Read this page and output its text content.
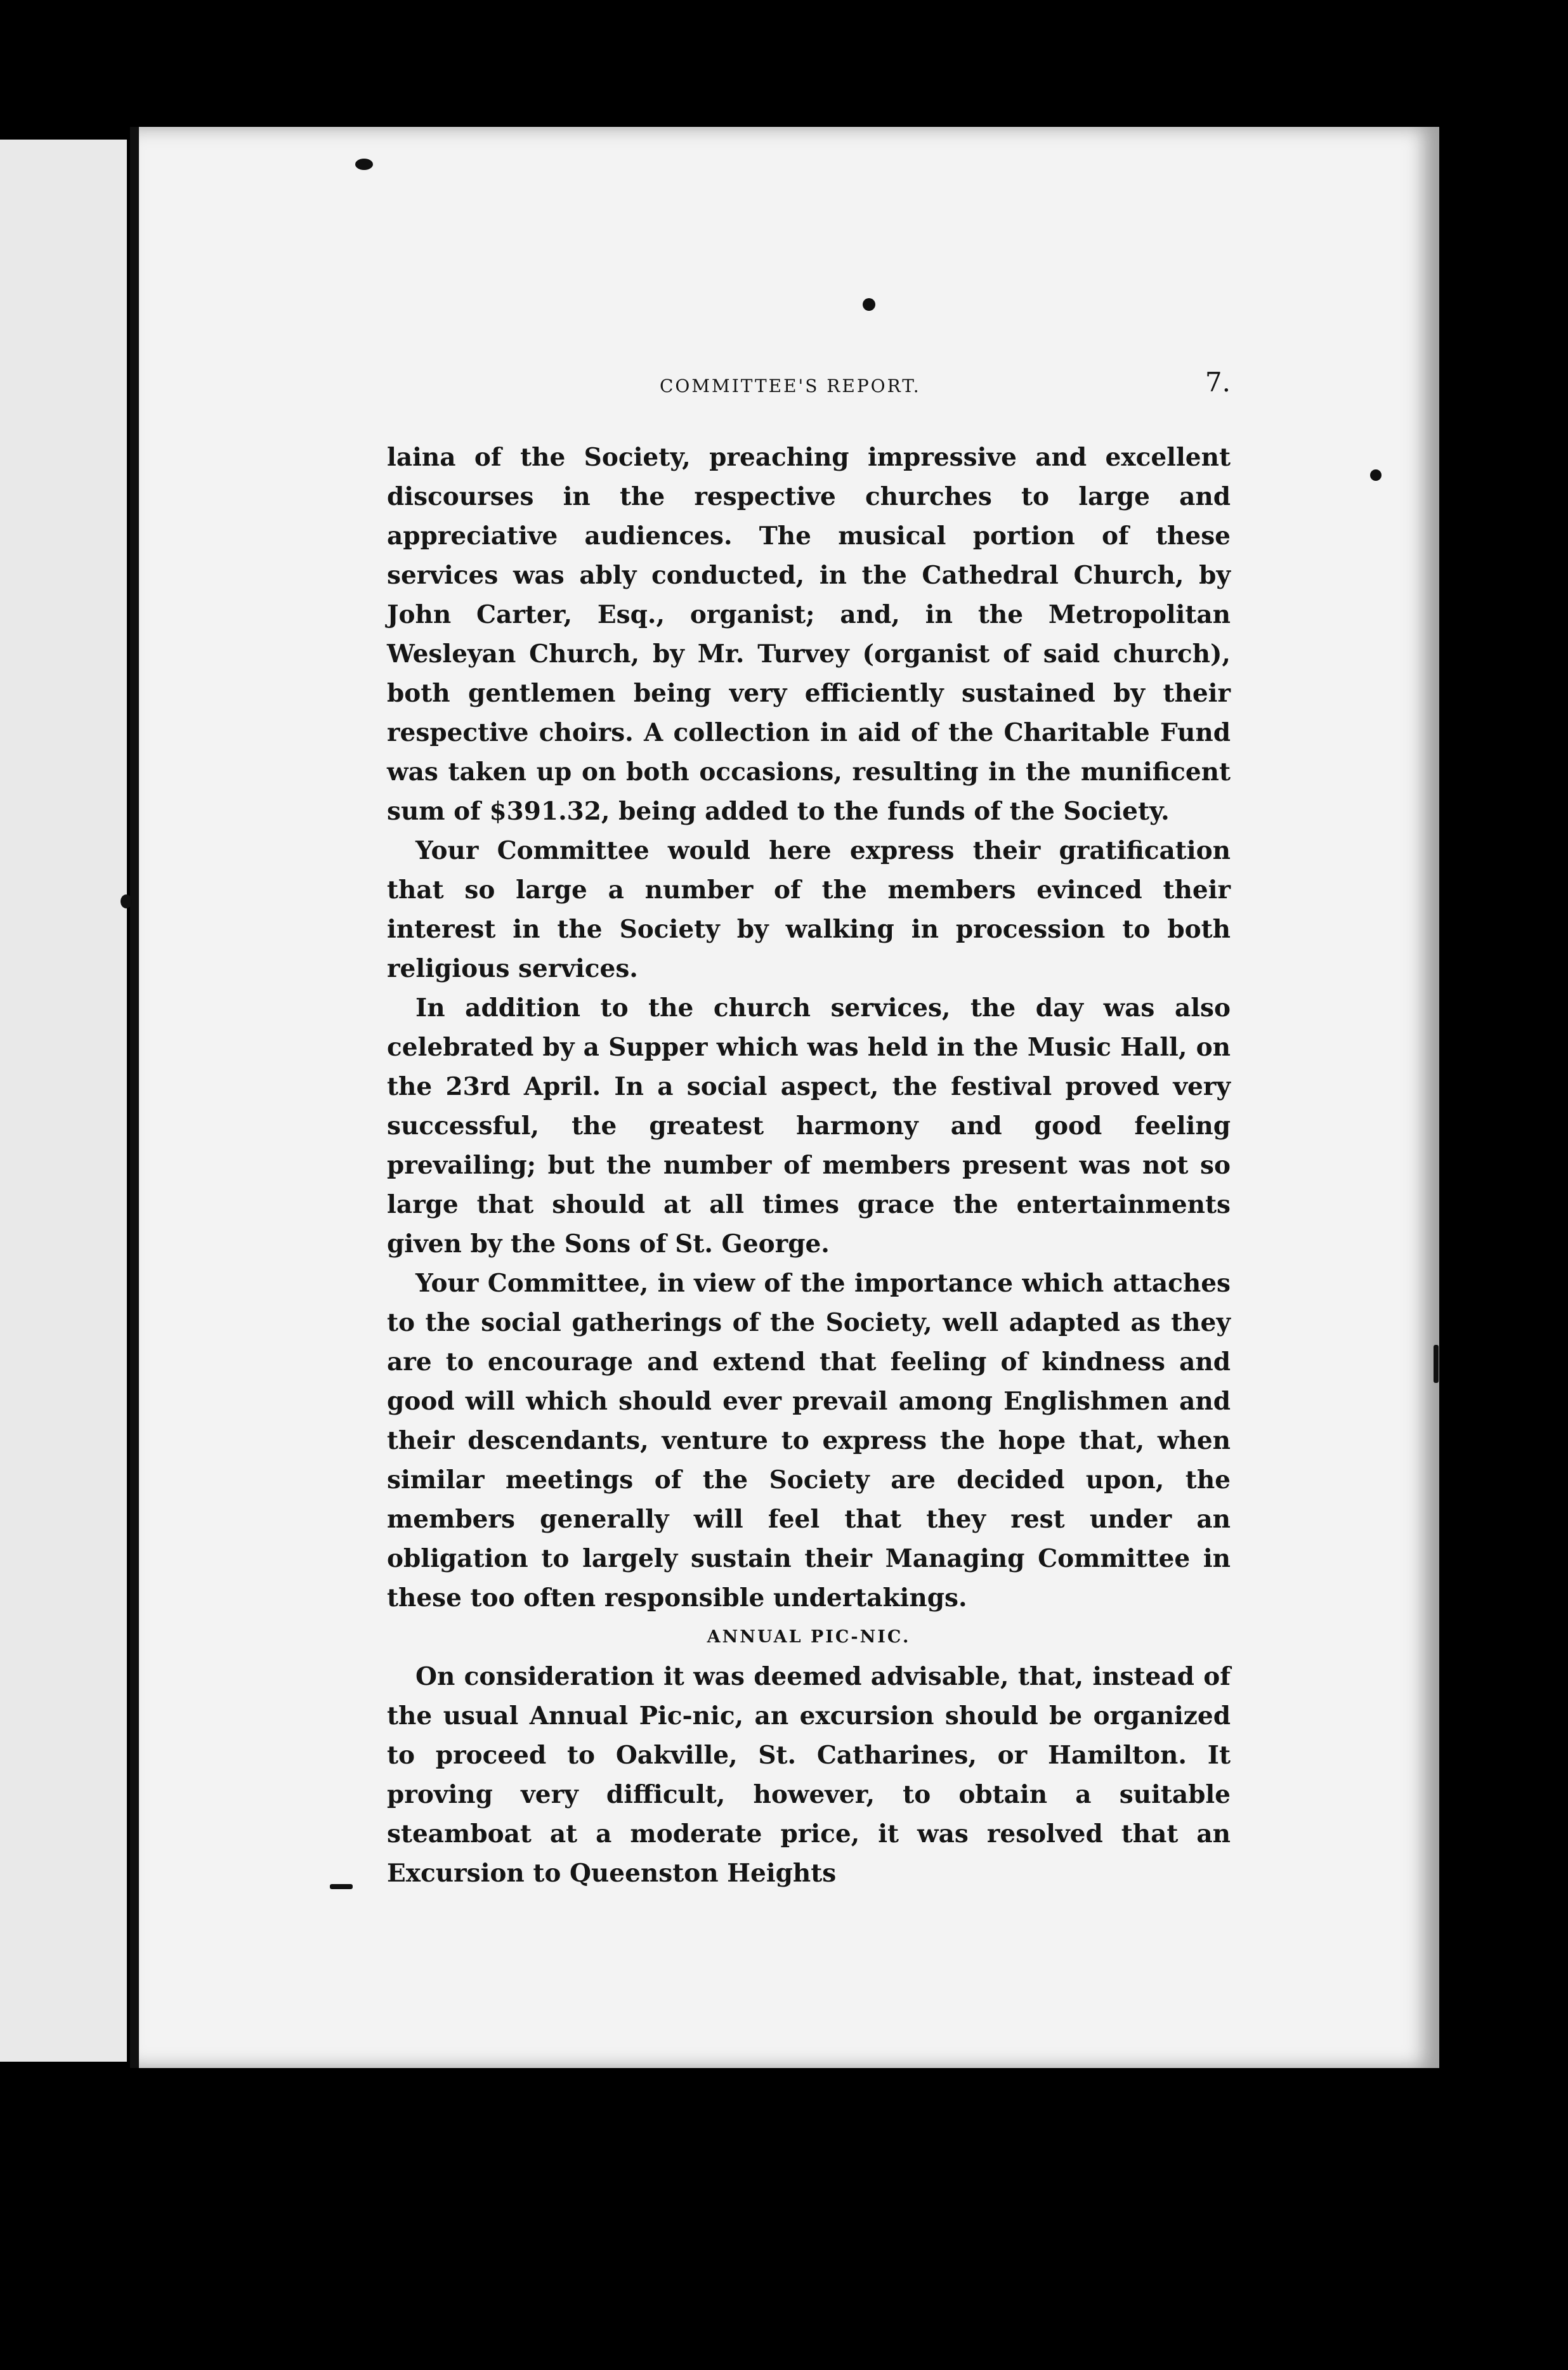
COMMITTEE'S REPORT.	7.

laina of the Society, preaching impressive and excellent discourses in the respective churches to large and appreciative audiences. The musical portion of these services was ably conducted, in the Cathedral Church, by John Carter, Esq., organist; and, in the Metropolitan Wesleyan Church, by Mr. Turvey (organist of said church), both gentlemen being very efficiently sustained by their respective choirs. A collection in aid of the Charitable Fund was taken up on both occasions, resulting in the munificent sum of $391.32, being added to the funds of the Society.

Your Committee would here express their gratification that so large a number of the members evinced their interest in the Society by walking in procession to both religious services.

In addition to the church services, the day was also celebrated by a Supper which was held in the Music Hall, on the 23rd April. In a social aspect, the festival proved very successful, the greatest harmony and good feeling prevailing; but the number of members present was not so large that should at all times grace the entertainments given by the Sons of St. George.

Your Committee, in view of the importance which attaches to the social gatherings of the Society, well adapted as they are to encourage and extend that feeling of kindness and good will which should ever prevail among Englishmen and their descendants, venture to express the hope that, when similar meetings of the Society are decided upon, the members generally will feel that they rest under an obligation to largely sustain their Managing Committee in these too often responsible undertakings.

ANNUAL PIC-NIC.

On consideration it was deemed advisable, that, instead of the usual Annual Pic-nic, an excursion should be organized to proceed to Oakville, St. Catharines, or Hamilton. It proving very difficult, however, to obtain a suitable steamboat at a moderate price, it was resolved that an Excursion to Queenston Heights
